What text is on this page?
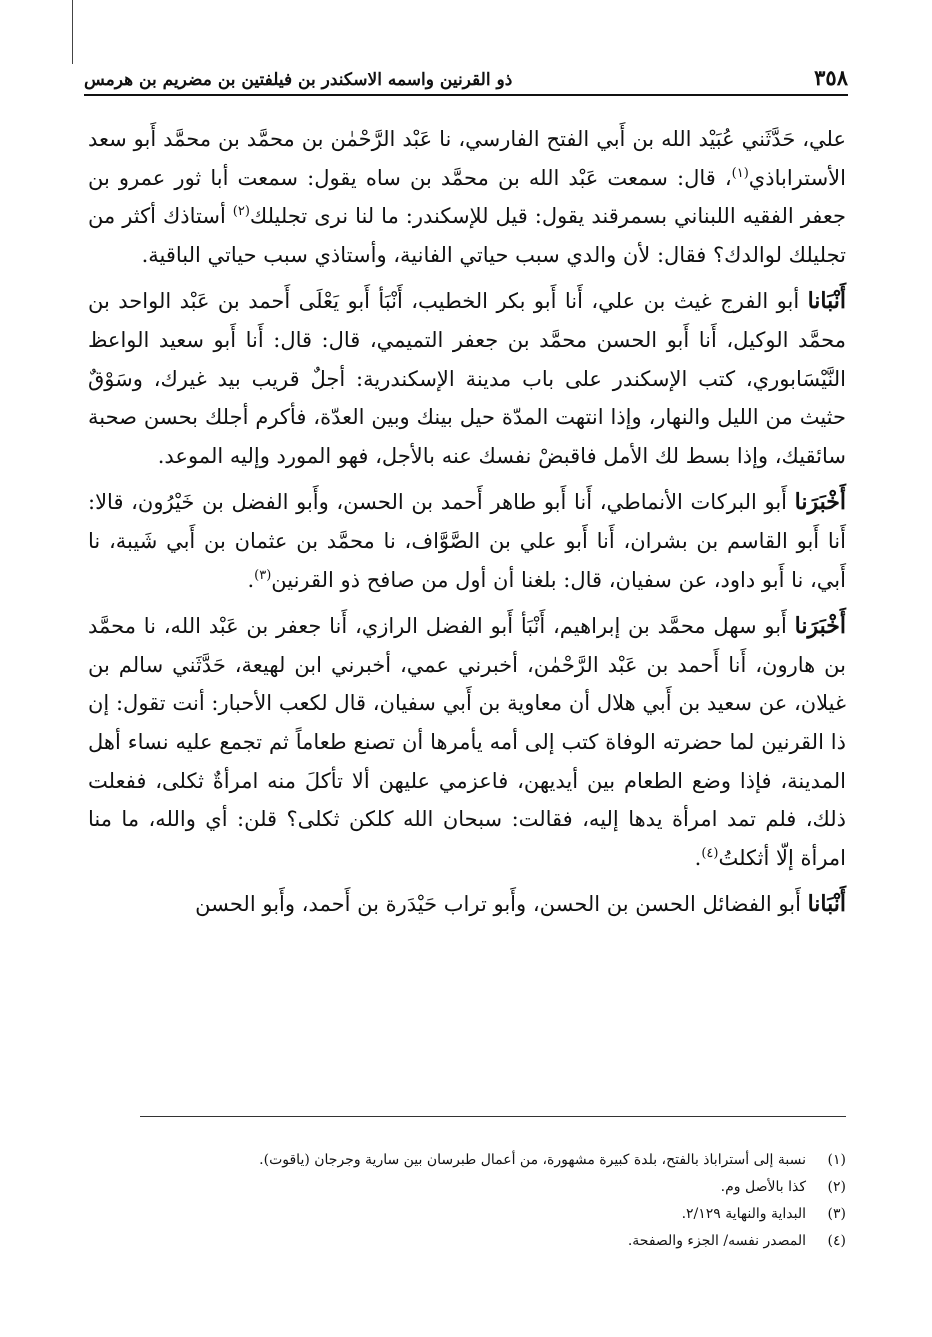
٣٥٨
ذو القرنين واسمه الاسكندر بن فيلفتين بن مضريم بن هرمس

علي، حَدَّثَني عُبَيْد الله بن أَبي الفتح الفارسي، نا عَبْد الرَّحْمٰن بن محمَّد بن محمَّد أَبو سعد الأستراباذي$^{(١)}$، قال: سمعت عَبْد الله بن محمَّد بن ساه يقول: سمعت أبا ثور عمرو بن جعفر الفقيه اللبناني بسمرقند يقول: قيل للإسكندر: ما لنا نرى تجليلك$^{(٢)}$ أستاذك أكثر من تجليلك لوالدك؟ فقال: لأن والدي سبب حياتي الفانية، وأستاذي سبب حياتي الباقية.

أَنْبَانا أبو الفرج غيث بن علي، أَنا أَبو بكر الخطيب، أَنْبَأ أَبو يَعْلَى أَحمد بن عَبْد الواحد بن محمَّد الوكيل، أَنا أَبو الحسن محمَّد بن جعفر التميمي، قال: قال: أَنا أَبو سعيد الواعظ النَّيْسَابوري، كتب الإسكندر على باب مدينة الإسكندرية: أجلٌ قريب بيد غيرك، وسَوْقٌ حثيث من الليل والنهار، وإذا انتهت المدّة حيل بينك وبين العدّة، فأكرم أجلك بحسن صحبة سائقيك، وإذا بسط لك الأمل فاقبضْ نفسك عنه بالأجل، فهو المورد وإليه الموعد.

أَخْبَرَنا أَبو البركات الأنماطي، أَنا أَبو طاهر أَحمد بن الحسن، وأَبو الفضل بن خَيْرُون، قالا: أَنا أَبو القاسم بن بشران، أَنا أَبو علي بن الصَّوَّاف، نا محمَّد بن عثمان بن أَبي شَيبة، نا أَبي، نا أَبو داود، عن سفيان، قال: بلغنا أن أول من صافح ذو القرنين$^{(٣)}$.

أَخْبَرَنا أَبو سهل محمَّد بن إبراهيم، أَنْبَأ أَبو الفضل الرازي، أَنا جعفر بن عَبْد الله، نا محمَّد بن هارون، أَنا أَحمد بن عَبْد الرَّحْمٰن، أخبرني عمي، أخبرني ابن لهيعة، حَدَّثَني سالم بن غيلان، عن سعيد بن أَبي هلال أن معاوية بن أَبي سفيان، قال لكعب الأحبار: أنت تقول: إن ذا القرنين لما حضرته الوفاة كتب إلى أمه يأمرها أن تصنع طعاماً ثم تجمع عليه نساء أهل المدينة، فإذا وضع الطعام بين أيديهن، فاعزمي عليهن ألا تأكلَ منه امرأةٌ ثكلى، ففعلت ذلك، فلم تمد امرأة يدها إليه، فقالت: سبحان الله كلكن ثكلى؟ قلن: أي والله، ما منا امرأة إلّا أثكلتُ$^{(٤)}$.

أَنْبَانا أَبو الفضائل الحسن بن الحسن، وأَبو تراب حَيْدَرة بن أَحمد، وأَبو الحسن

(١)
نسبة إلى أستراباذ بالفتح، بلدة كبيرة مشهورة، من أعمال طبرسان بين سارية وجرجان (ياقوت).
(٢)
كذا بالأصل وم.
(٣)
البداية والنهاية ٢/١٢٩.
(٤)
المصدر نفسه/ الجزء والصفحة.
